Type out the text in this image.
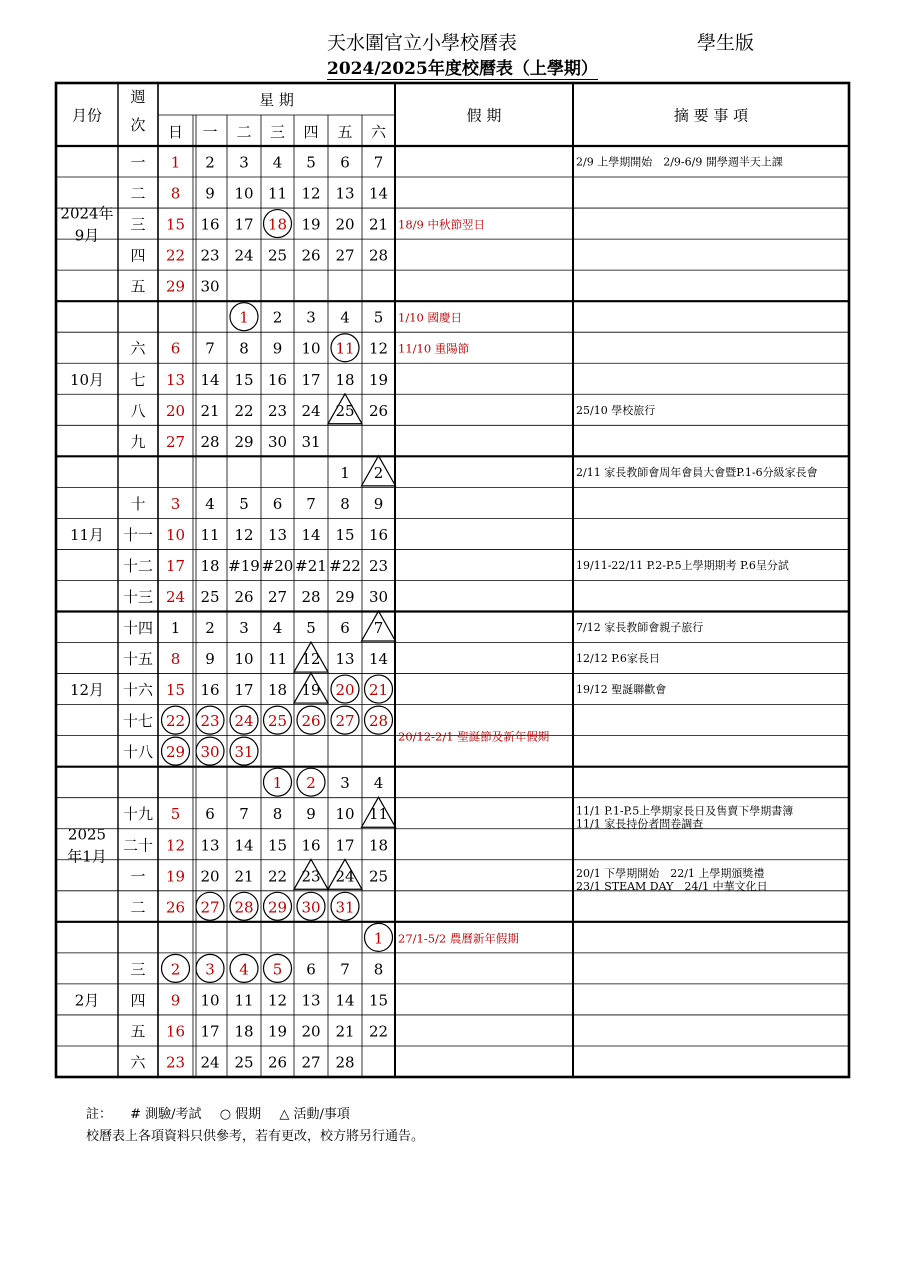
天水圍官立小學校曆表	學生版
2024/2025年度校曆表（上學期）
月份
週
次
星 期
日 一 二 三 四 五 六
假 期	摘 要 事 項
2024年
9月
10月
11月
12月
2025
年1月
2月
一 1 2 3 4 5 6 7
二 8 9 10 11 12 13 14
三 15 16 17 18 19 20 21
四 22 23 24 25 26 27 28
五 29 30
1 2 3 4 5
六 6 7 8 9 10 11 12
七 13 14 15 16 17 18 19
八 20 21 22 23 24 25 26
九 27 28 29 30 31
1 2
十 3 4 5 6 7 8 9
十一 10 11 12 13 14 15 16
十二 17 18 #19 #20 #21 #22 23
十三 24 25 26 27 28 29 30
十四 1 2 3 4 5 6 7
十五 8 9 10 11 12 13 14
十六 15 16 17 18 19 20 21
十七 22 23 24 25 26 27 28
十八 29 30 31
1 2 3 4
十九 5 6 7 8 9 10 11
二十 12 13 14 15 16 17 18
一 19 20 21 22 23 24 25
二 26 27 28 29 30 31
1
三 2 3 4 5 6 7 8
四 9 10 11 12 13 14 15
五 16 17 18 19 20 21 22
六 23 24 25 26 27 28
18/9 中秋節翌日
1/10 國慶日
11/10 重陽節
20/12-2/1 聖誕節及新年假期
27/1-5/2 農曆新年假期
2/9 上學期開始　2/9-6/9 開學週半天上課
25/10 學校旅行
2/11 家長教師會周年會員大會暨P.1-6分級家長會
19/11-22/11 P.2-P.5上學期期考 P.6呈分試
7/12 家長教師會親子旅行
12/12 P.6家長日
19/12 聖誕聯歡會
11/1 P.1-P.5上學期家長日及售賣下學期書簿
11/1 家長持份者問卷調查
20/1 下學期開始　22/1 上學期頒獎禮
23/1 STEAM DAY　24/1 中華文化日
註： # 測驗/考試 ○ 假期 △ 活動/事項
校曆表上各項資料只供參考，若有更改，校方將另行通告。
